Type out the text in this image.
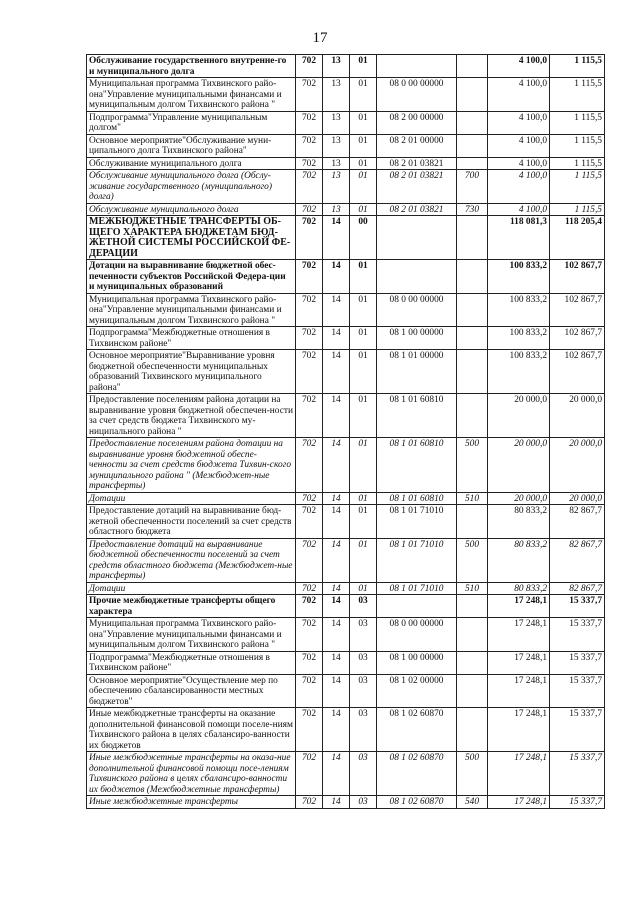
17
Обслуживание государственного внутренне-го и муниципального долга	702	13	01			4 100,0	1 115,5
Муниципальная программа Тихвинского райо-она"Управление муниципальными финансами и муниципальным долгом Тихвинского района "	702	13	01	08 0 00 00000		4 100,0	1 115,5
Подпрограмма"Управление муниципальным долгом"	702	13	01	08 2 00 00000		4 100,0	1 115,5
Основное мероприятие"Обслуживание муни-ципального долга Тихвинского района"	702	13	01	08 2 01 00000		4 100,0	1 115,5
Обслуживание муниципального долга	702	13	01	08 2 01 03821		4 100,0	1 115,5
Обслуживание муниципального долга (Обслу-живание государственного (муниципального) долга)	702	13	01	08 2 01 03821	700	4 100,0	1 115,5
Обслуживание муниципального долга	702	13	01	08 2 01 03821	730	4 100,0	1 115,5
МЕЖБЮДЖЕТНЫЕ ТРАНСФЕРТЫ ОБ-ЩЕГО ХАРАКТЕРА БЮДЖЕТАМ БЮД-ЖЕТНОЙ СИСТЕМЫ РОССИЙСКОЙ ФЕ-ДЕРАЦИИ	702	14	00			118 081,3	118 205,4
Дотации на выравнивание бюджетной обес-печенности субъектов Российской Федера-ции и муниципальных образований	702	14	01			100 833,2	102 867,7
Муниципальная программа Тихвинского райо-она"Управление муниципальными финансами и муниципальным долгом Тихвинского района "	702	14	01	08 0 00 00000		100 833,2	102 867,7
Подпрограмма"Межбюджетные отношения в Тихвинском районе"	702	14	01	08 1 00 00000		100 833,2	102 867,7
Основное мероприятие"Выравнивание уровня бюджетной обеспеченности муниципальных образований Тихвинского муниципального района"	702	14	01	08 1 01 00000		100 833,2	102 867,7
Предоставление поселениям района дотации на выравнивание уровня бюджетной обеспечен-ности за счет средств бюджета Тихвинского му-ниципального района "	702	14	01	08 1 01 60810		20 000,0	20 000,0
Предоставление поселениям района дотации на выравнивание уровня бюджетной обеспе-ченности за счет средств бюджета Тихвин-ского муниципального района " (Межбюджет-ные трансферты)	702	14	01	08 1 01 60810	500	20 000,0	20 000,0
Дотации	702	14	01	08 1 01 60810	510	20 000,0	20 000,0
Предоставление дотаций на выравнивание бюд-жетной обеспеченности поселений за счет средств областного бюджета	702	14	01	08 1 01 71010		80 833,2	82 867,7
Предоставление дотаций на выравнивание бюджетной обеспеченности поселений за счет средств областного бюджета (Межбюджет-ные трансферты)	702	14	01	08 1 01 71010	500	80 833,2	82 867,7
Дотации	702	14	01	08 1 01 71010	510	80 833,2	82 867,7
Прочие межбюджетные трансферты общего характера	702	14	03			17 248,1	15 337,7
Муниципальная программа Тихвинского райо-она"Управление муниципальными финансами и муниципальным долгом Тихвинского района "	702	14	03	08 0 00 00000		17 248,1	15 337,7
Подпрограмма"Межбюджетные отношения в Тихвинском районе"	702	14	03	08 1 00 00000		17 248,1	15 337,7
Основное мероприятие"Осуществление мер по обеспечению сбалансированности местных бюджетов"	702	14	03	08 1 02 00000		17 248,1	15 337,7
Иные межбюджетные трансферты на оказание дополнительной финансовой помощи поселе-ниям Тихвинского района в целях сбалансиро-ванности их бюджетов	702	14	03	08 1 02 60870		17 248,1	15 337,7
Иные межбюджетные трансферты на оказа-ние дополнительной финансовой помощи посе-лениям Тихвинского района в целях сбалансиро-ванности их бюджетов (Межбюджетные трансферты)	702	14	03	08 1 02 60870	500	17 248,1	15 337,7
Иные межбюджетные трансферты	702	14	03	08 1 02 60870	540	17 248,1	15 337,7
